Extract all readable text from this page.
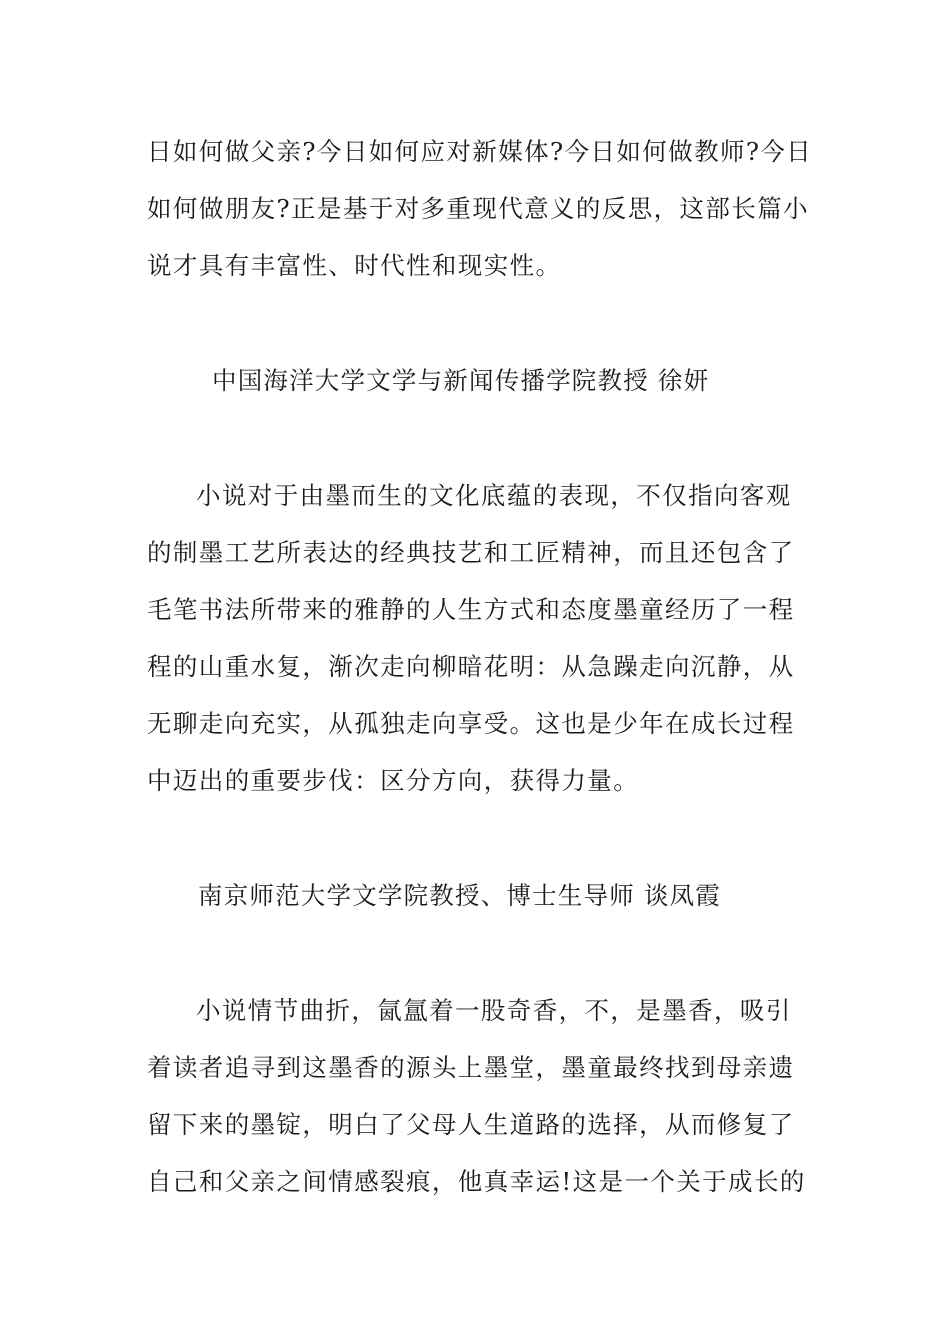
日如何做父亲?今日如何应对新媒体?今日如何做教师?今日
如何做朋友?正是基于对多重现代意义的反思，这部长篇小
说才具有丰富性、时代性和现实性。
中国海洋大学文学与新闻传播学院教授 徐妍
小说对于由墨而生的文化底蕴的表现，不仅指向客观
的制墨工艺所表达的经典技艺和工匠精神，而且还包含了
毛笔书法所带来的雅静的人生方式和态度墨童经历了一程
程的山重水复，渐次走向柳暗花明：从急躁走向沉静，从
无聊走向充实，从孤独走向享受。这也是少年在成长过程
中迈出的重要步伐：区分方向，获得力量。
南京师范大学文学院教授、博士生导师 谈凤霞
小说情节曲折，氤氲着一股奇香，不，是墨香，吸引
着读者追寻到这墨香的源头上墨堂，墨童最终找到母亲遗
留下来的墨锭，明白了父母人生道路的选择，从而修复了
自己和父亲之间情感裂痕，他真幸运!这是一个关于成长的
